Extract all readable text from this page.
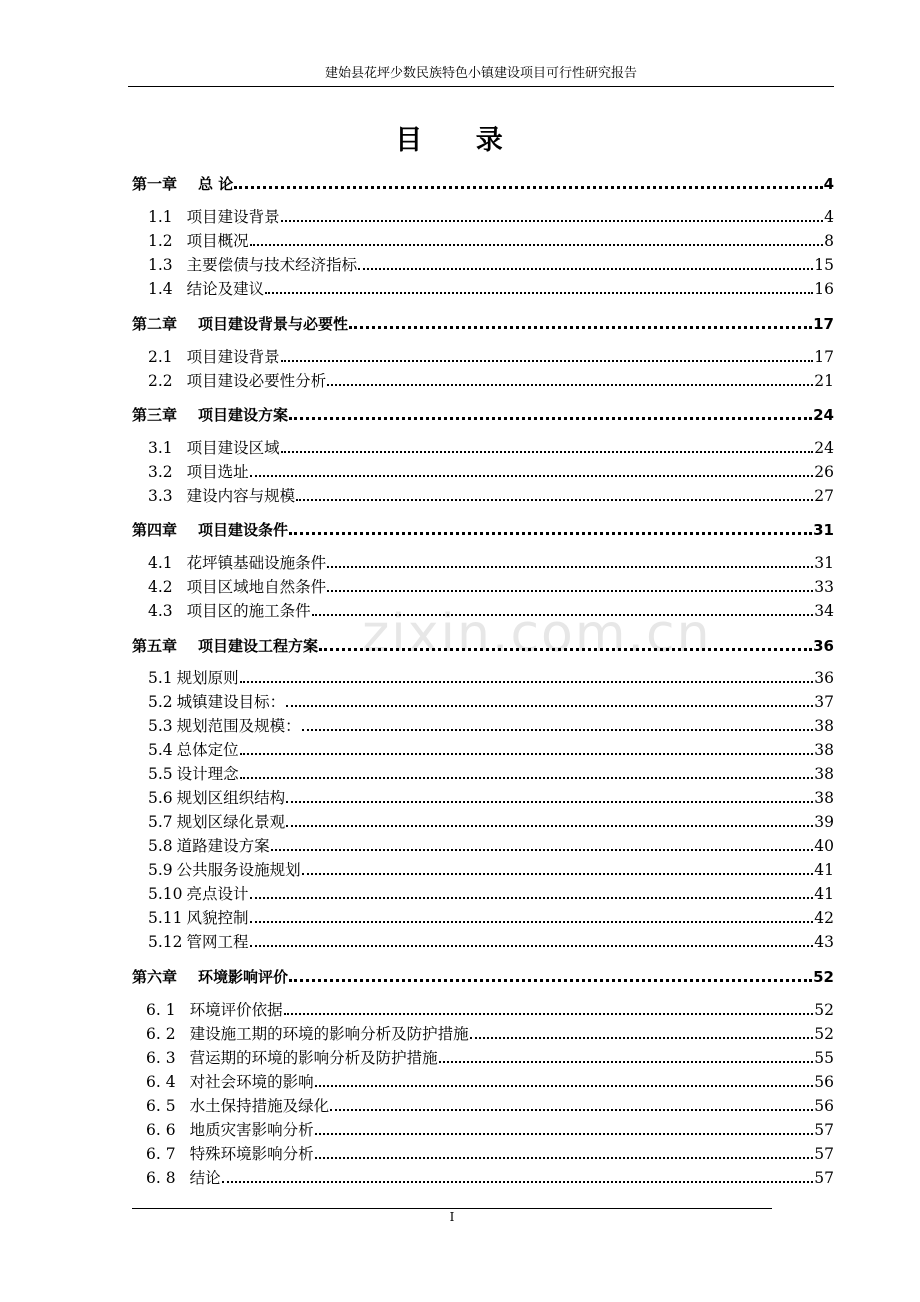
建始县花坪少数民族特色小镇建设项目可行性研究报告
目 录
zixin.com.cn
第一章 总 论	4
1.1 项目建设背景	4
1.2 项目概况	8
1.3 主要偿债与技术经济指标	15
1.4 结论及建议	16
第二章 项目建设背景与必要性	17
2.1 项目建设背景	17
2.2 项目建设必要性分析	21
第三章 项目建设方案	24
3.1 项目建设区域	24
3.2 项目选址	26
3.3 建设内容与规模	27
第四章 项目建设条件	31
4.1 花坪镇基础设施条件	31
4.2 项目区域地自然条件	33
4.3 项目区的施工条件	34
第五章 项目建设工程方案	36
5.1 规划原则	36
5.2 城镇建设目标：	37
5.3 规划范围及规模：	38
5.4 总体定位	38
5.5 设计理念	38
5.6 规划区组织结构	38
5.7 规划区绿化景观	39
5.8 道路建设方案	40
5.9 公共服务设施规划	41
5.10 亮点设计	41
5.11 风貌控制	42
5.12 管网工程	43
第六章 环境影响评价	52
6. 1 环境评价依据	52
6. 2 建设施工期的环境的影响分析及防护措施	52
6. 3 营运期的环境的影响分析及防护措施	55
6. 4 对社会环境的影响	56
6. 5 水土保持措施及绿化	56
6. 6 地质灾害影响分析	57
6. 7 特殊环境影响分析	57
6. 8 结论	57
I
